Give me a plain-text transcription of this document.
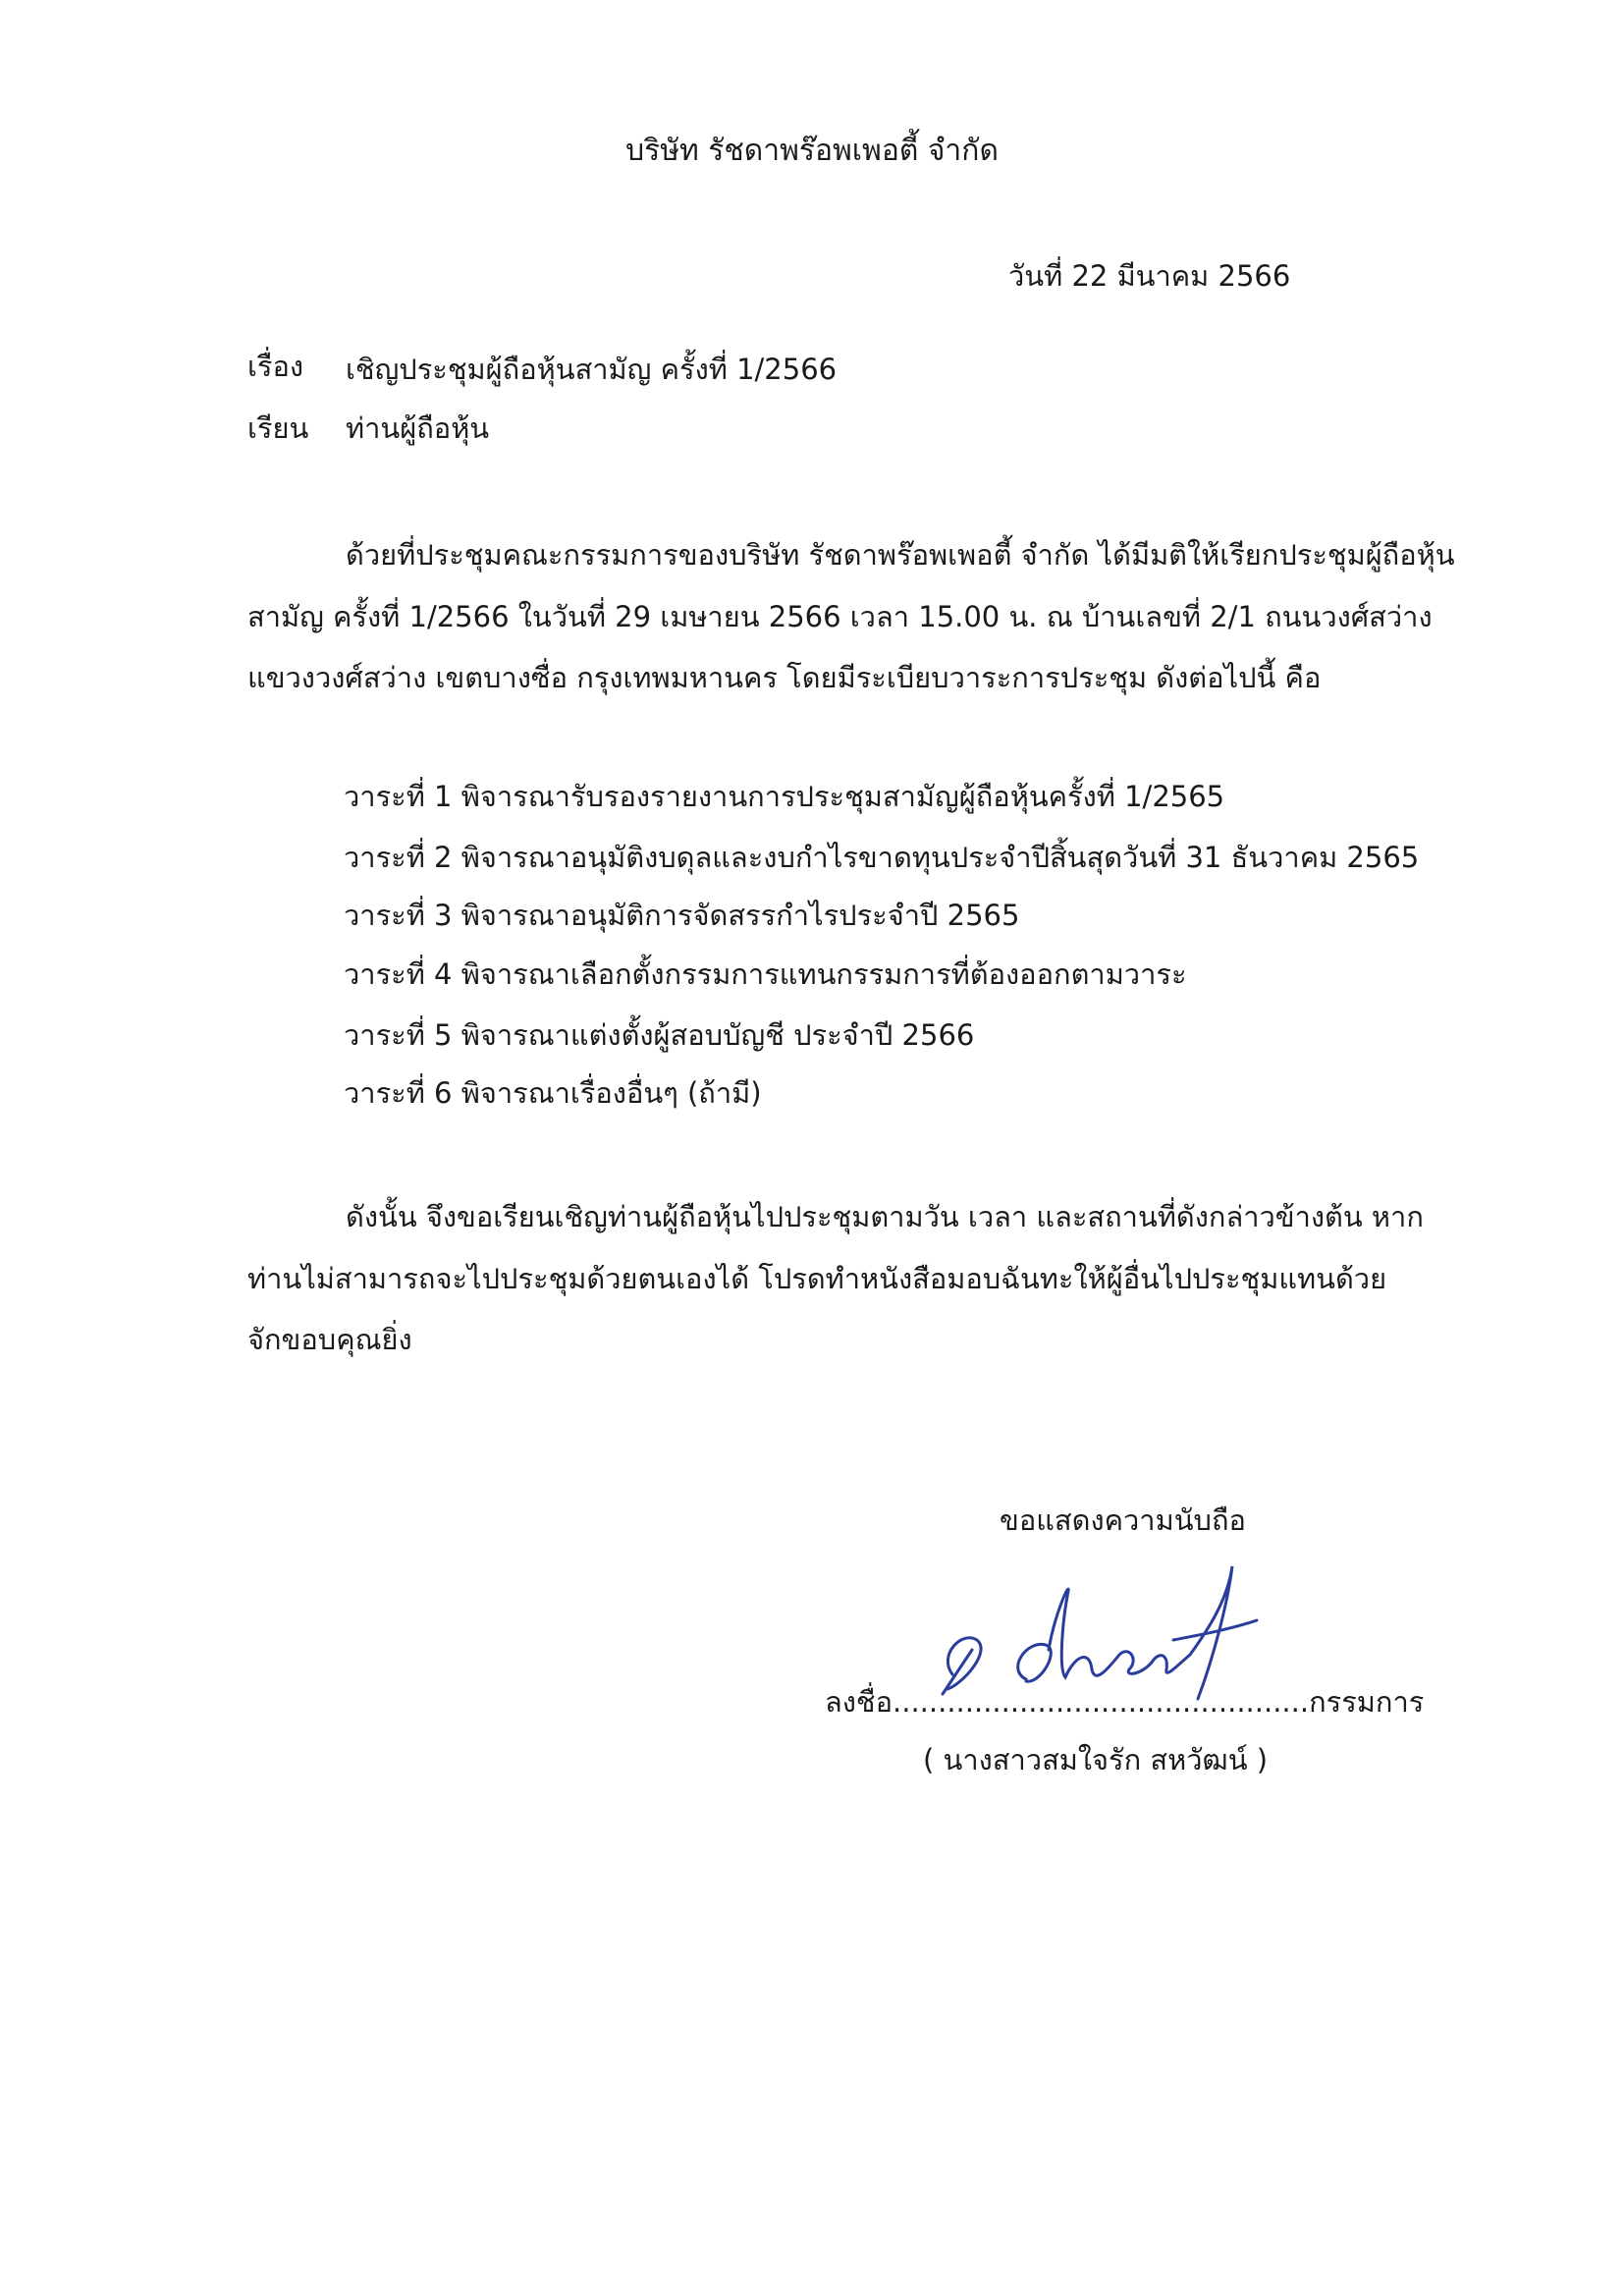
บริษัท รัชดาพร๊อพเพอตี้ จำกัด
วันที่ 22 มีนาคม 2566
เรื่อง เชิญประชุมผู้ถือหุ้นสามัญ ครั้งที่ 1/2566
เรียน ท่านผู้ถือหุ้น
ด้วยที่ประชุมคณะกรรมการของบริษัท รัชดาพร๊อพเพอตี้ จำกัด ได้มีมติให้เรียกประชุมผู้ถือหุ้น
สามัญ ครั้งที่ 1/2566 ในวันที่ 29 เมษายน 2566 เวลา 15.00 น. ณ บ้านเลขที่ 2/1 ถนนวงศ์สว่าง
แขวงวงศ์สว่าง เขตบางซื่อ กรุงเทพมหานคร โดยมีระเบียบวาระการประชุม ดังต่อไปนี้ คือ
วาระที่ 1 พิจารณารับรองรายงานการประชุมสามัญผู้ถือหุ้นครั้งที่ 1/2565
วาระที่ 2 พิจารณาอนุมัติงบดุลและงบกำไรขาดทุนประจำปีสิ้นสุดวันที่ 31 ธันวาคม 2565
วาระที่ 3 พิจารณาอนุมัติการจัดสรรกำไรประจำปี 2565
วาระที่ 4 พิจารณาเลือกตั้งกรรมการแทนกรรมการที่ต้องออกตามวาระ
วาระที่ 5 พิจารณาแต่งตั้งผู้สอบบัญชี ประจำปี 2566
วาระที่ 6 พิจารณาเรื่องอื่นๆ (ถ้ามี)
ดังนั้น จึงขอเรียนเชิญท่านผู้ถือหุ้นไปประชุมตามวัน เวลา และสถานที่ดังกล่าวข้างต้น หาก
ท่านไม่สามารถจะไปประชุมด้วยตนเองได้ โปรดทำหนังสือมอบฉันทะให้ผู้อื่นไปประชุมแทนด้วย
จักขอบคุณยิ่ง
ขอแสดงความนับถือ
ลงชื่อ..............................................กรรมการ
( นางสาวสมใจรัก สหวัฒน์ )
